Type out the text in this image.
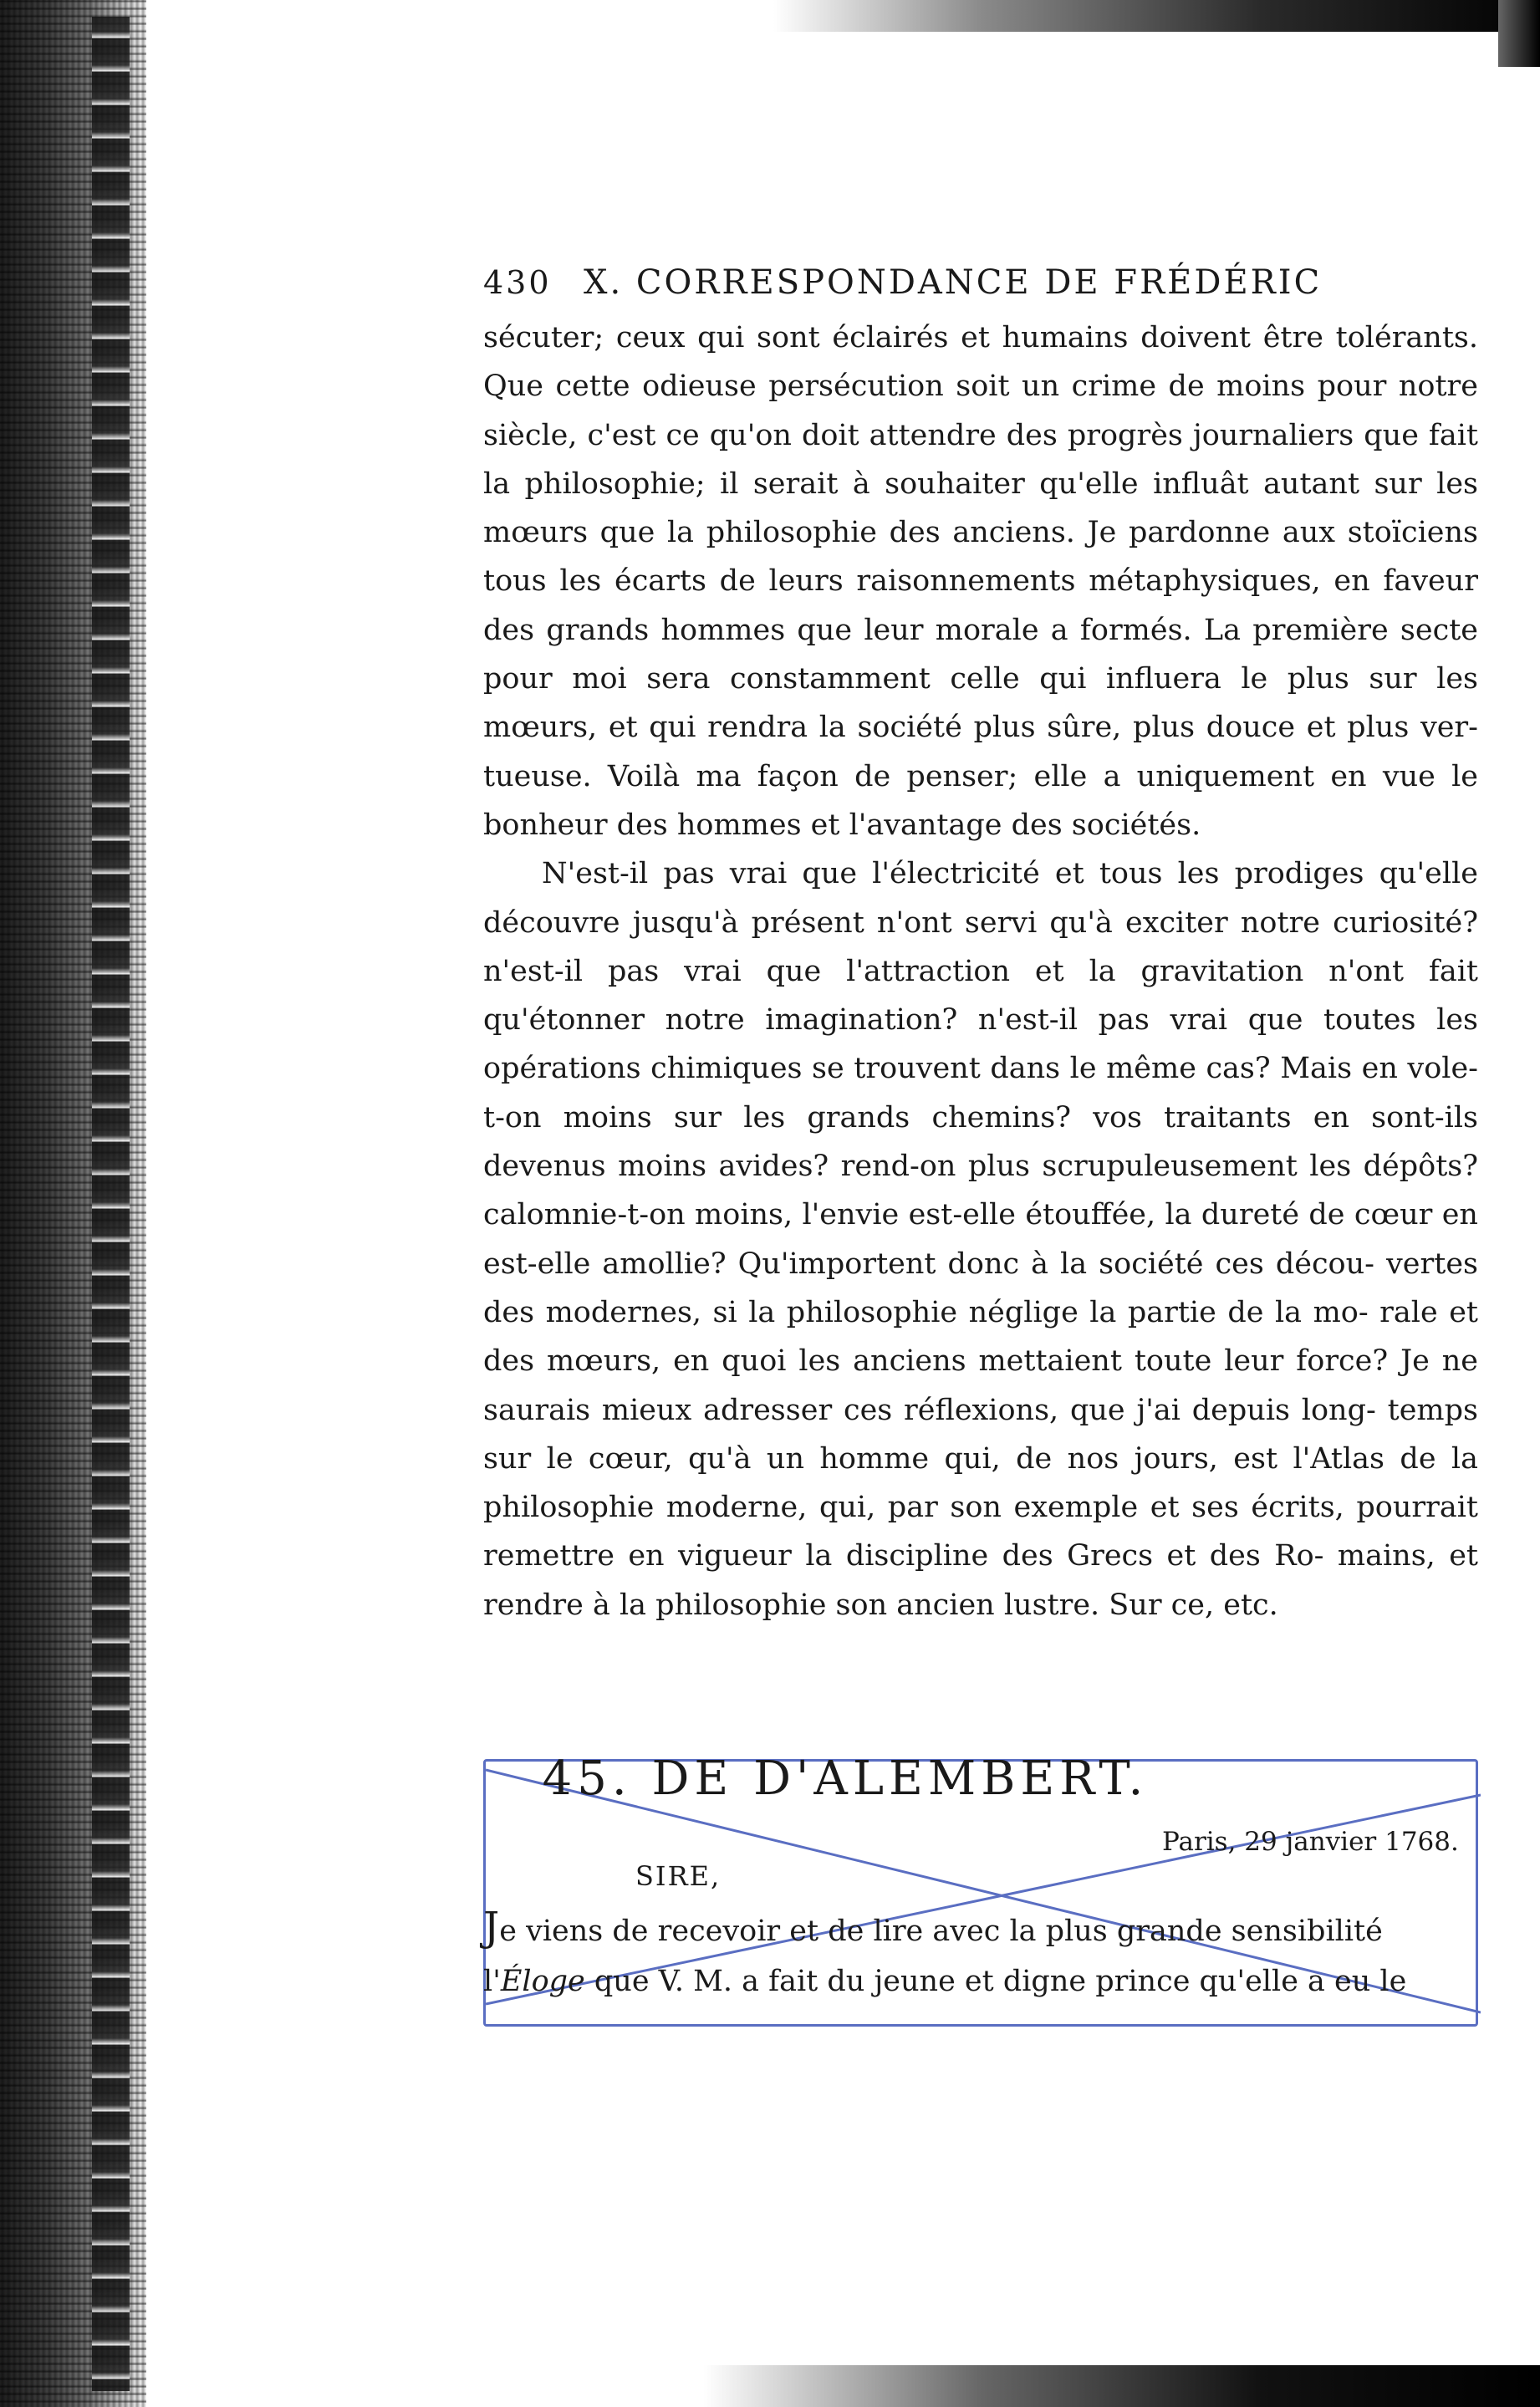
430 X. CORRESPONDANCE DE FRÉDÉRIC

sécuter; ceux qui sont éclairés et humains doivent être tolérants. Que cette odieuse persécution soit un crime de moins pour notre siècle, c'est ce qu'on doit attendre des progrès journaliers que fait la philosophie; il serait à souhaiter qu'elle influât autant sur les mœurs que la philosophie des anciens. Je pardonne aux stoïciens tous les écarts de leurs raisonnements métaphysiques, en faveur des grands hommes que leur morale a formés. La première secte pour moi sera constamment celle qui influera le plus sur les mœurs, et qui rendra la société plus sûre, plus douce et plus ver- tueuse. Voilà ma façon de penser; elle a uniquement en vue le bonheur des hommes et l'avantage des sociétés.

N'est-il pas vrai que l'électricité et tous les prodiges qu'elle découvre jusqu'à présent n'ont servi qu'à exciter notre curiosité? n'est-il pas vrai que l'attraction et la gravitation n'ont fait qu'étonner notre imagination? n'est-il pas vrai que toutes les opérations chimiques se trouvent dans le même cas? Mais en vole-t-on moins sur les grands chemins? vos traitants en sont-ils devenus moins avides? rend-on plus scrupuleusement les dépôts? calomnie-t-on moins, l'envie est-elle étouffée, la dureté de cœur en est-elle amollie? Qu'importent donc à la société ces décou- vertes des modernes, si la philosophie néglige la partie de la mo- rale et des mœurs, en quoi les anciens mettaient toute leur force? Je ne saurais mieux adresser ces réflexions, que j'ai depuis long- temps sur le cœur, qu'à un homme qui, de nos jours, est l'Atlas de la philosophie moderne, qui, par son exemple et ses écrits, pourrait remettre en vigueur la discipline des Grecs et des Ro- mains, et rendre à la philosophie son ancien lustre. Sur ce, etc.

45. DE D'ALEMBERT.
Paris, 29 janvier 1768.
SIRE,
Je viens de recevoir et de lire avec la plus grande sensibilité
l'Éloge que V. M. a fait du jeune et digne prince qu'elle a eu le
